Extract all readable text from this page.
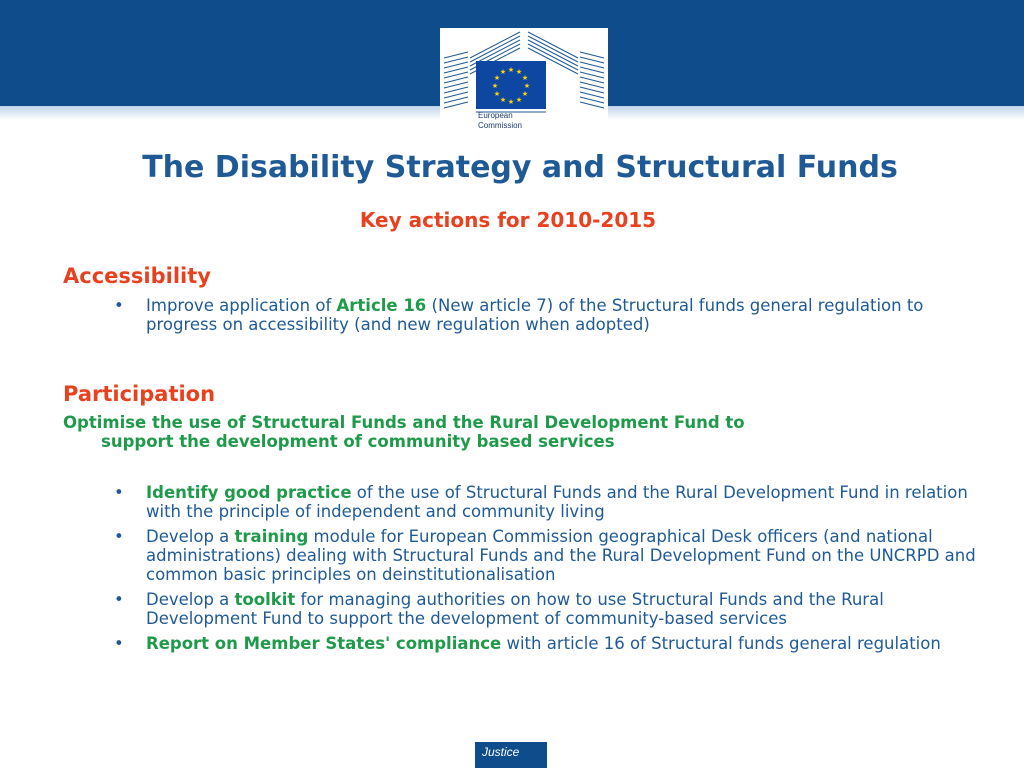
★ ★
★
★
★
★
★
★
★
★
★
★
European
Commission
The Disability Strategy and Structural Funds
Key actions for 2010-2015
Accessibility
• Improve application of Article 16 (New article 7) of the Structural funds general regulation to progress on accessibility (and new regulation when adopted)
Participation
Optimise the use of Structural Funds and the Rural Development Fund to
support the development of community based services
• Identify good practice of the use of Structural Funds and the Rural Development Fund in relation with the principle of independent and community living
• Develop a training module for European Commission geographical Desk officers (and national administrations) dealing with Structural Funds and the Rural Development Fund on the UNCRPD and common basic principles on deinstitutionalisation
• Develop a toolkit for managing authorities on how to use Structural Funds and the Rural Development Fund to support the development of community-based services
• Report on Member States' compliance with article 16 of Structural funds general regulation
Justice
